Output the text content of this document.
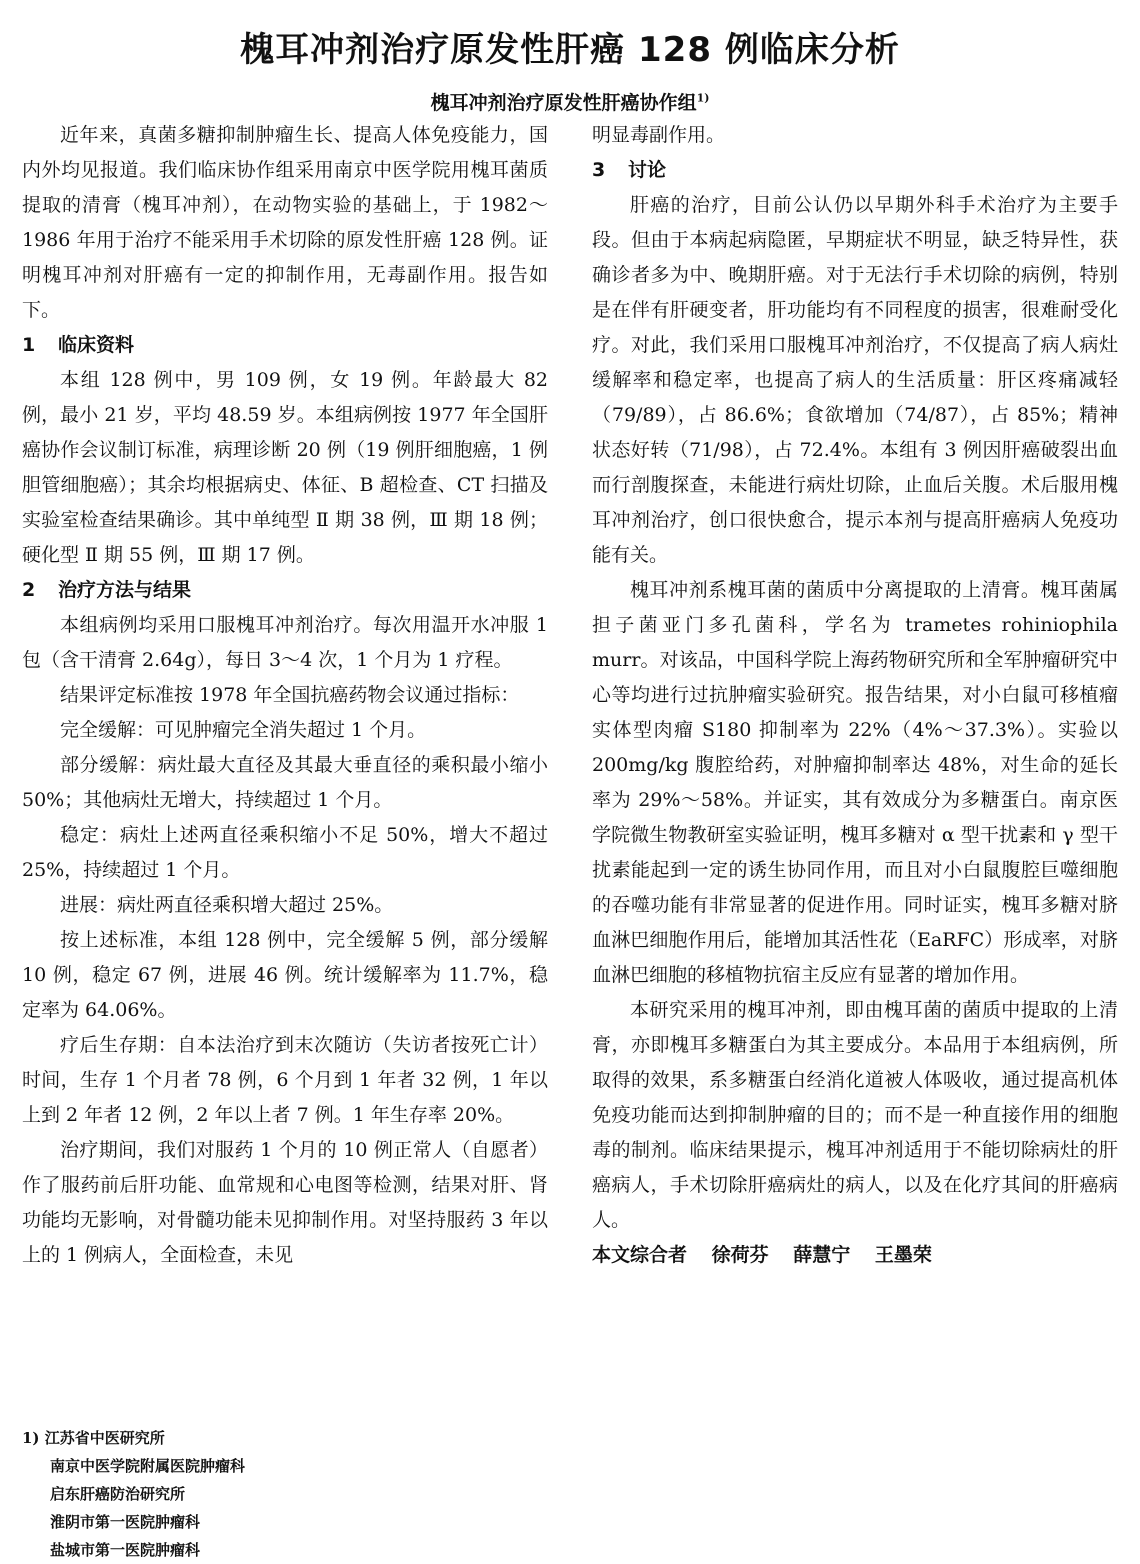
槐耳冲剂治疗原发性肝癌 128 例临床分析
槐耳冲剂治疗原发性肝癌协作组$^{1)}$

近年来，真菌多糖抑制肿瘤生长、提高人体免疫能力，国内外均见报道。我们临床协作组采用南京中医学院用槐耳菌质提取的清膏（槐耳冲剂），在动物实验的基础上，于 1982～1986 年用于治疗不能采用手术切除的原发性肝癌 128 例。证明槐耳冲剂对肝癌有一定的抑制作用，无毒副作用。报告如下。

1 临床资料

本组 128 例中，男 109 例，女 19 例。年龄最大 82 例，最小 21 岁，平均 48.59 岁。本组病例按 1977 年全国肝癌协作会议制订标准，病理诊断 20 例（19 例肝细胞癌，1 例胆管细胞癌）；其余均根据病史、体征、B 超检查、CT 扫描及实验室检查结果确诊。其中单纯型 Ⅱ 期 38 例，Ⅲ 期 18 例；硬化型 Ⅱ 期 55 例，Ⅲ 期 17 例。

2 治疗方法与结果

本组病例均采用口服槐耳冲剂治疗。每次用温开水冲服 1 包（含干清膏 2.64g），每日 3～4 次，1 个月为 1 疗程。

结果评定标准按 1978 年全国抗癌药物会议通过指标：

完全缓解：可见肿瘤完全消失超过 1 个月。

部分缓解：病灶最大直径及其最大垂直径的乘积最小缩小 50%；其他病灶无增大，持续超过 1 个月。

稳定：病灶上述两直径乘积缩小不足 50%，增大不超过 25%，持续超过 1 个月。

进展：病灶两直径乘积增大超过 25%。

按上述标准，本组 128 例中，完全缓解 5 例，部分缓解 10 例，稳定 67 例，进展 46 例。统计缓解率为 11.7%，稳定率为 64.06%。

疗后生存期：自本法治疗到末次随访（失访者按死亡计）时间，生存 1 个月者 78 例，6 个月到 1 年者 32 例，1 年以上到 2 年者 12 例，2 年以上者 7 例。1 年生存率 20%。

治疗期间，我们对服药 1 个月的 10 例正常人（自愿者）作了服药前后肝功能、血常规和心电图等检测，结果对肝、肾功能均无影响，对骨髓功能未见抑制作用。对坚持服药 3 年以上的 1 例病人，全面检查，未见

明显毒副作用。

3 讨论

肝癌的治疗，目前公认仍以早期外科手术治疗为主要手段。但由于本病起病隐匿，早期症状不明显，缺乏特异性，获确诊者多为中、晚期肝癌。对于无法行手术切除的病例，特别是在伴有肝硬变者，肝功能均有不同程度的损害，很难耐受化疗。对此，我们采用口服槐耳冲剂治疗，不仅提高了病人病灶缓解率和稳定率，也提高了病人的生活质量：肝区疼痛减轻（79/89），占 86.6%；食欲增加（74/87），占 85%；精神状态好转（71/98），占 72.4%。本组有 3 例因肝癌破裂出血而行剖腹探查，未能进行病灶切除，止血后关腹。术后服用槐耳冲剂治疗，创口很快愈合，提示本剂与提高肝癌病人免疫功能有关。

槐耳冲剂系槐耳菌的菌质中分离提取的上清膏。槐耳菌属担子菌亚门多孔菌科，学名为 trametes rohiniophila murr。对该品，中国科学院上海药物研究所和全军肿瘤研究中心等均进行过抗肿瘤实验研究。报告结果，对小白鼠可移植瘤实体型肉瘤 S180 抑制率为 22%（4%～37.3%）。实验以 200mg/kg 腹腔给药，对肿瘤抑制率达 48%，对生命的延长率为 29%～58%。并证实，其有效成分为多糖蛋白。南京医学院微生物教研室实验证明，槐耳多糖对 α 型干扰素和 γ 型干扰素能起到一定的诱生协同作用，而且对小白鼠腹腔巨噬细胞的吞噬功能有非常显著的促进作用。同时证实，槐耳多糖对脐血淋巴细胞作用后，能增加其活性花（EaRFC）形成率，对脐血淋巴细胞的移植物抗宿主反应有显著的增加作用。

本研究采用的槐耳冲剂，即由槐耳菌的菌质中提取的上清膏，亦即槐耳多糖蛋白为其主要成分。本品用于本组病例，所取得的效果，系多糖蛋白经消化道被人体吸收，通过提高机体免疫功能而达到抑制肿瘤的目的；而不是一种直接作用的细胞毒的制剂。临床结果提示，槐耳冲剂适用于不能切除病灶的肝癌病人，手术切除肝癌病灶的病人，以及在化疗其间的肝癌病人。

本文综合者 徐荷芬 薛慧宁 王墨荣

1) 江苏省中医研究所
南京中医学院附属医院肿瘤科
启东肝癌防治研究所
淮阴市第一医院肿瘤科
盐城市第一医院肿瘤科
